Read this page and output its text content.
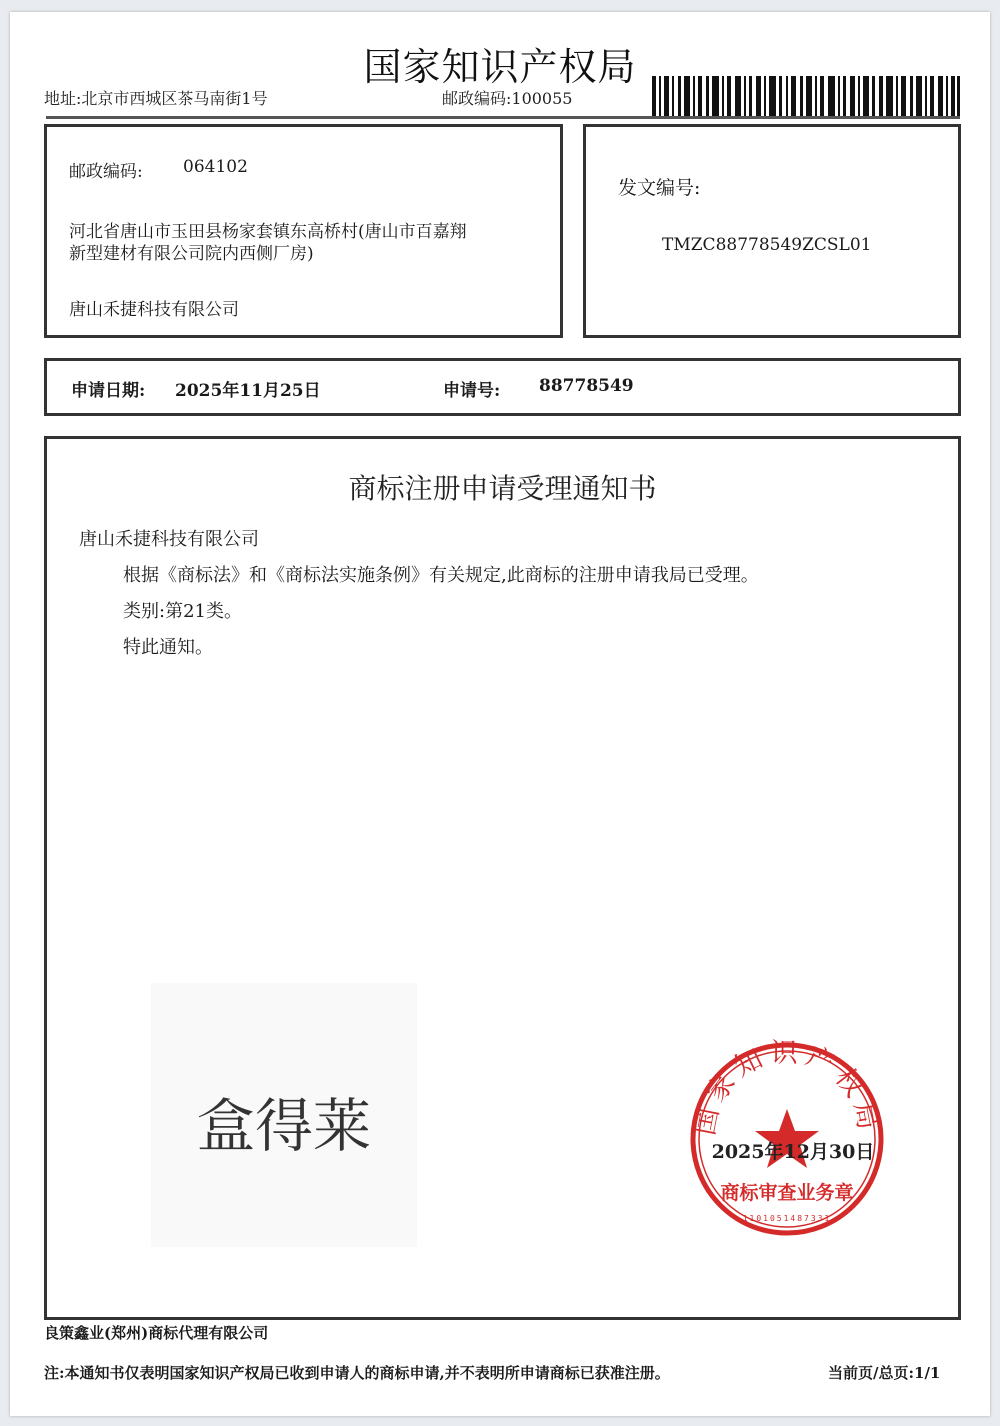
国家知识产权局
地址:北京市西城区茶马南街1号	邮政编码:100055
邮政编码: 064102
河北省唐山市玉田县杨家套镇东高桥村(唐山市百嘉翔
新型建材有限公司院内西侧厂房)
唐山禾捷科技有限公司
发文编号:
TMZC88778549ZCSL01
申请日期: 2025年11月25日	申请号: 88778549
商标注册申请受理通知书
唐山禾捷科技有限公司
根据《商标法》和《商标法实施条例》有关规定,此商标的注册申请我局已受理。
类别:第21类。
特此通知。
盒得莱	国家知识产权局
商标审查业务章
1101051487331
2025年12月30日
良策鑫业(郑州)商标代理有限公司
注:本通知书仅表明国家知识产权局已收到申请人的商标申请,并不表明所申请商标已获准注册。	当前页/总页:1/1
